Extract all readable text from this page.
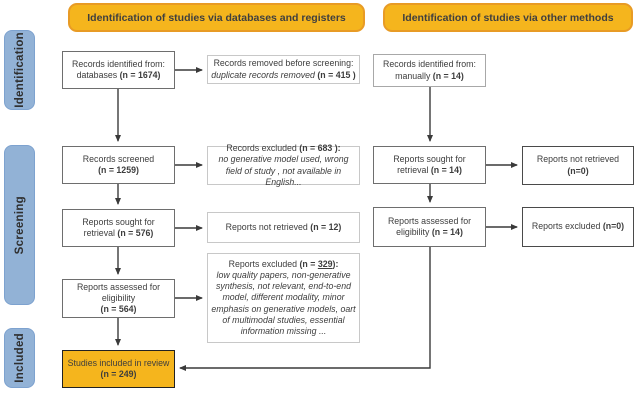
Identification of studies via databases and registers	Identification of studies via other methods
Identification
Screening
Included
Records identified from:
databases (n = 1674)
Records screened
(n = 1259)
Reports sought for
retrieval (n = 576)
Reports assessed for
eligibility
(n = 564)
Studies included in review
(n = 249)
Records removed before screening:
duplicate records removed (n = 415 )
Records excluded (n = 683 ):
no generative model used, wrong field of study , not available in English...
Reports not retrieved (n = 12)
Reports excluded (n = 329):
low quality papers, non-generative synthesis, not relevant, end-to-end model, different modality, minor emphasis on generative models, oart of multimodal studies, essential information missing ...
Records identified from:
manually (n = 14)
Reports sought for
retrieval (n = 14)
Reports assessed for
eligibility (n = 14)
Reports not retrieved
(n=0)
Reports excluded (n=0)
